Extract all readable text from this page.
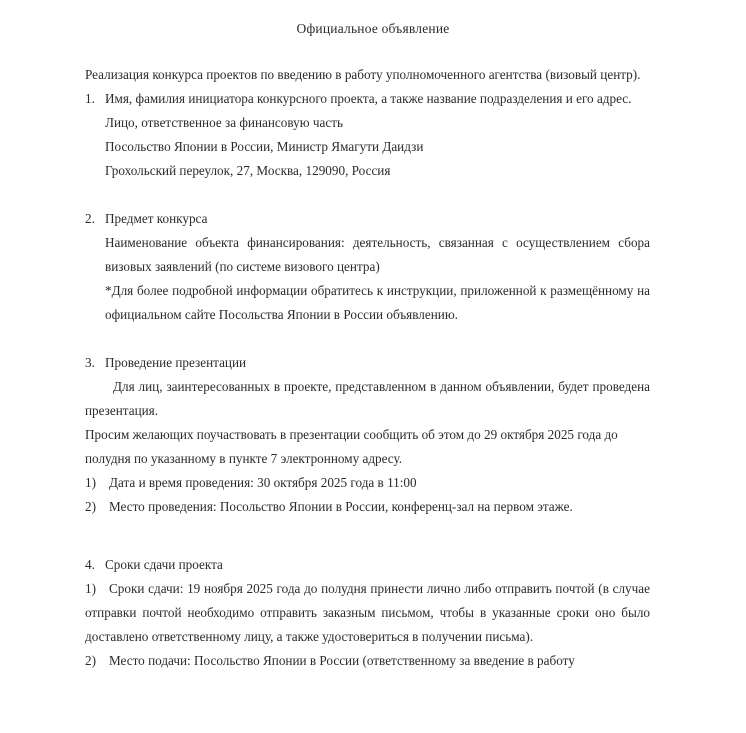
Официальное объявление

Реализация конкурса проектов по введению в работу уполномоченного агентства (визовый центр).

1. Имя, фамилия инициатора конкурсного проекта, а также название подразделения и его адрес.
Лицо, ответственное за финансовую часть
Посольство Японии в России, Министр Ямагути Даидзи
Грохольский переулок, 27, Москва, 129090, Россия
2. Предмет конкурса
Наименование объекта финансирования: деятельность, связанная с осуществлением сбора визовых заявлений (по системе визового центра)
*Для более подробной информации обратитесь к инструкции, приложенной к размещённому на официальном сайте Посольства Японии в России объявлению.
3. Проведение презентации

Для лиц, заинтересованных в проекте, представленном в данном объявлении, будет проведена презентация.

Просим желающих поучаствовать в презентации сообщить об этом до 29 октября 2025 года до полудня по указанному в пункте 7 электронному адресу.

1) Дата и время проведения: 30 октября 2025 года в 11:00
2) Место проведения: Посольство Японии в России, конференц-зал на первом этаже.
4. Сроки сдачи проекта
1) Сроки сдачи: 19 ноября 2025 года до полудня принести лично либо отправить почтой (в случае отправки почтой необходимо отправить заказным письмом, чтобы в указанные сроки оно было доставлено ответственному лицу, а также удостовериться в получении письма).
2) Место подачи: Посольство Японии в России (ответственному за введение в работу
